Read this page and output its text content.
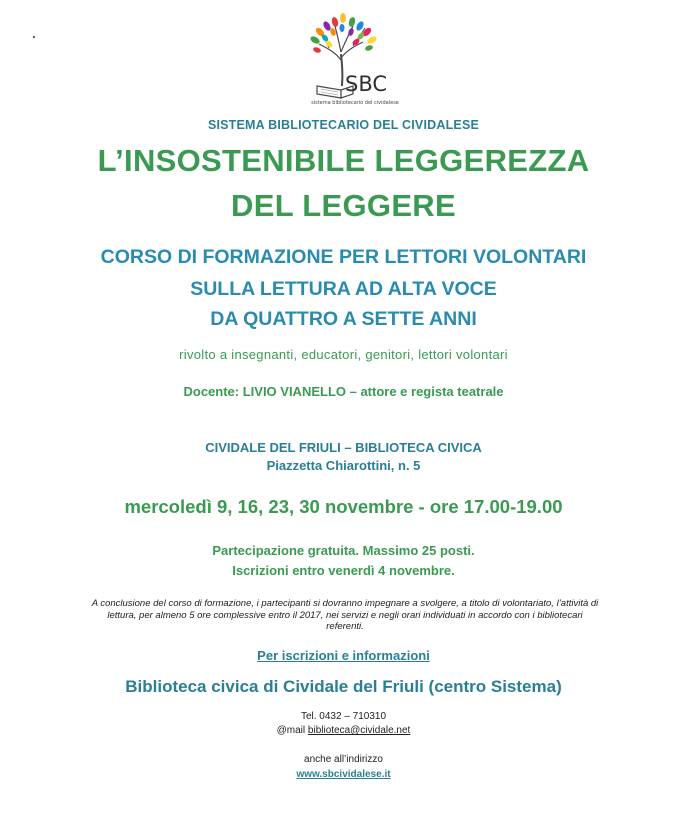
SBC
sistema bibliotecario del cividalese
SISTEMA BIBLIOTECARIO DEL CIVIDALESE
L’INSOSTENIBILE LEGGEREZZA
DEL LEGGERE
CORSO DI FORMAZIONE PER LETTORI VOLONTARI
SULLA LETTURA AD ALTA VOCE
DA QUATTRO A SETTE ANNI
rivolto a insegnanti, educatori, genitori, lettori volontari
Docente: LIVIO VIANELLO – attore e regista teatrale
CIVIDALE DEL FRIULI – BIBLIOTECA CIVICA
Piazzetta Chiarottini, n. 5
mercoledì 9, 16, 23, 30 novembre - ore 17.00-19.00
Partecipazione gratuita. Massimo 25 posti.
Iscrizioni entro venerdì 4 novembre.
A conclusione del corso di formazione, i partecipanti si dovranno impegnare a svolgere, a titolo di volontariato, l’attività di lettura, per almeno 5 ore complessive entro il 2017, nei servizi e negli orari individuati in accordo con i bibliotecari referenti.
Per iscrizioni e informazioni
Biblioteca civica di Cividale del Friuli (centro Sistema)
Tel. 0432 – 710310
@mail biblioteca@cividale.net
anche all’indirizzo
www.sbcividalese.it
